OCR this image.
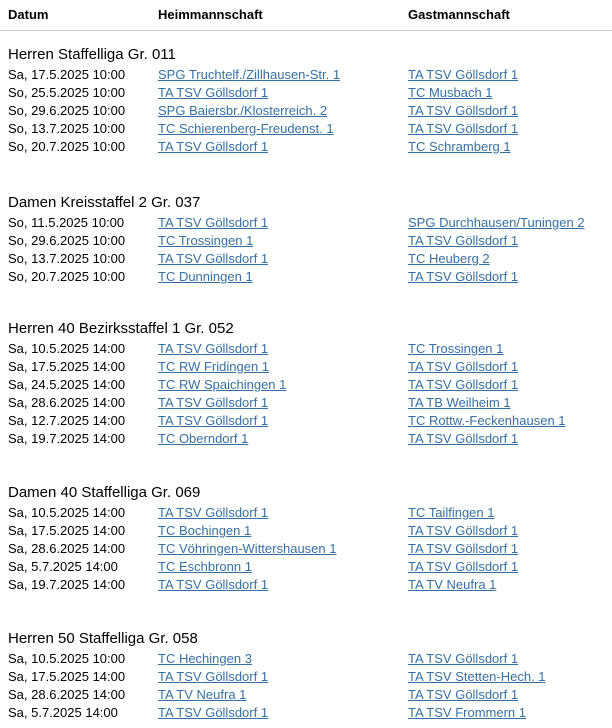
Datum	Heimmannschaft	Gastmannschaft
Herren Staffelliga Gr. 011
Sa, 17.5.2025 10:00	SPG Truchtelf./Zillhausen-Str. 1	TA TSV Göllsdorf 1
So, 25.5.2025 10:00	TA TSV Göllsdorf 1	TC Musbach 1
So, 29.6.2025 10:00	SPG Baiersbr./Klosterreich. 2	TA TSV Göllsdorf 1
So, 13.7.2025 10:00	TC Schierenberg-Freudenst. 1	TA TSV Göllsdorf 1
So, 20.7.2025 10:00	TA TSV Göllsdorf 1	TC Schramberg 1
Damen Kreisstaffel 2 Gr. 037
So, 11.5.2025 10:00	TA TSV Göllsdorf 1	SPG Durchhausen/Tuningen 2
So, 29.6.2025 10:00	TC Trossingen 1	TA TSV Göllsdorf 1
So, 13.7.2025 10:00	TA TSV Göllsdorf 1	TC Heuberg 2
So, 20.7.2025 10:00	TC Dunningen 1	TA TSV Göllsdorf 1
Herren 40 Bezirksstaffel 1 Gr. 052
Sa, 10.5.2025 14:00	TA TSV Göllsdorf 1	TC Trossingen 1
Sa, 17.5.2025 14:00	TC RW Fridingen 1	TA TSV Göllsdorf 1
Sa, 24.5.2025 14:00	TC RW Spaichingen 1	TA TSV Göllsdorf 1
Sa, 28.6.2025 14:00	TA TSV Göllsdorf 1	TA TB Weilheim 1
Sa, 12.7.2025 14:00	TA TSV Göllsdorf 1	TC Rottw.-Feckenhausen 1
Sa, 19.7.2025 14:00	TC Oberndorf 1	TA TSV Göllsdorf 1
Damen 40 Staffelliga Gr. 069
Sa, 10.5.2025 14:00	TA TSV Göllsdorf 1	TC Tailfingen 1
Sa, 17.5.2025 14:00	TC Bochingen 1	TA TSV Göllsdorf 1
Sa, 28.6.2025 14:00	TC Vöhringen-Wittershausen 1	TA TSV Göllsdorf 1
Sa, 5.7.2025 14:00	TC Eschbronn 1	TA TSV Göllsdorf 1
Sa, 19.7.2025 14:00	TA TSV Göllsdorf 1	TA TV Neufra 1
Herren 50 Staffelliga Gr. 058
Sa, 10.5.2025 10:00	TC Hechingen 3	TA TSV Göllsdorf 1
Sa, 17.5.2025 14:00	TA TSV Göllsdorf 1	TA TSV Stetten-Hech. 1
Sa, 28.6.2025 14:00	TA TV Neufra 1	TA TSV Göllsdorf 1
Sa, 5.7.2025 14:00	TA TSV Göllsdorf 1	TA TSV Frommern 1
